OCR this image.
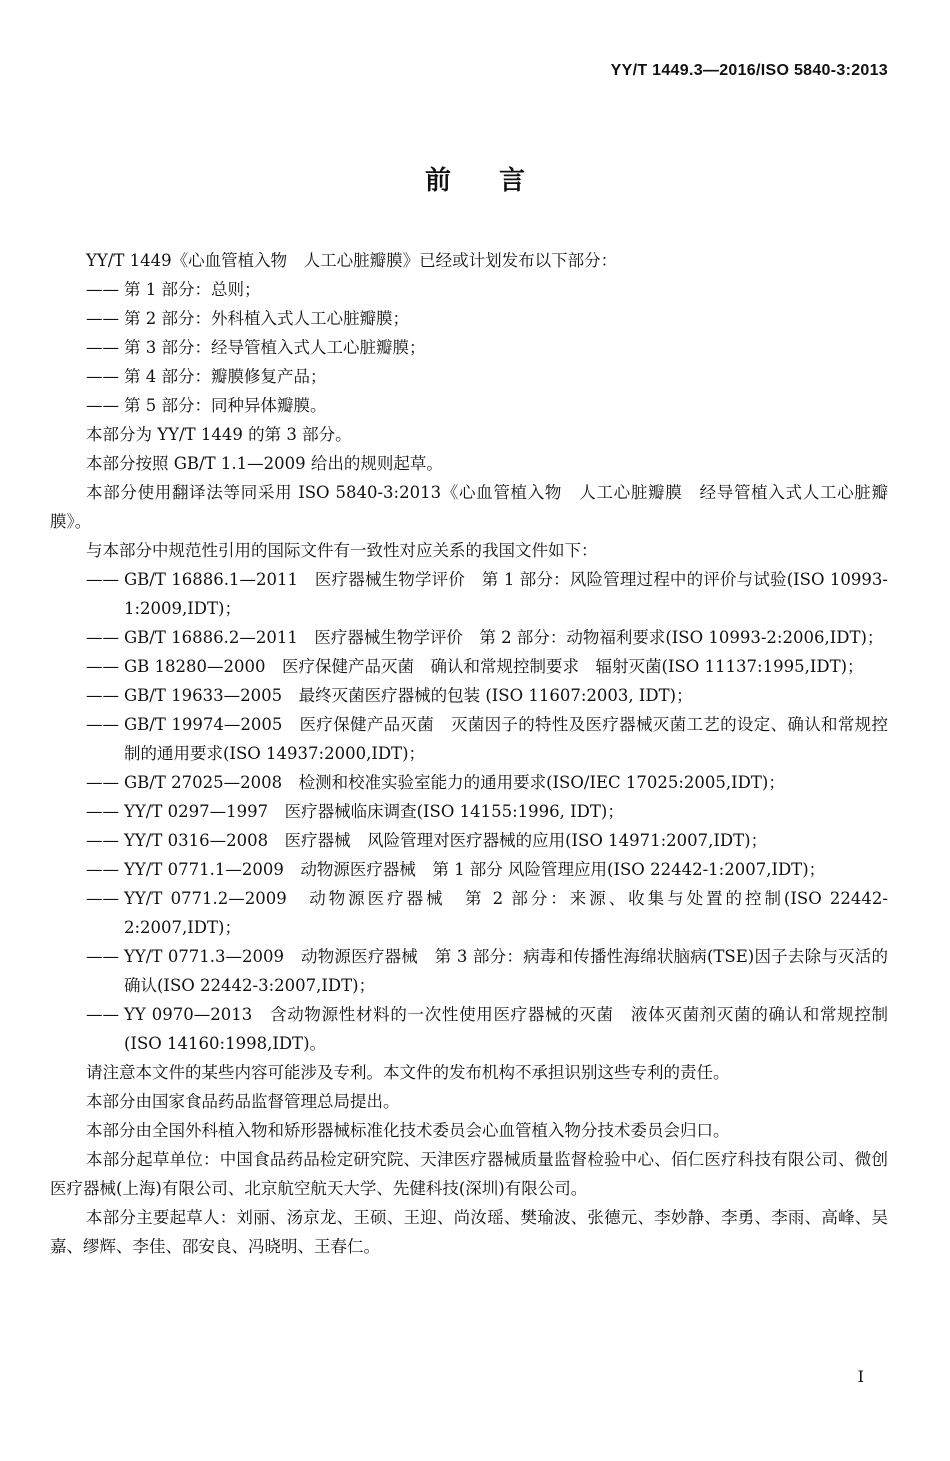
YY/T 1449.3—2016/ISO 5840-3:2013
前言

YY/T 1449《心血管植入物　人工心脏瓣膜》已经或计划发布以下部分：

—— 第 1 部分：总则；

—— 第 2 部分：外科植入式人工心脏瓣膜；

—— 第 3 部分：经导管植入式人工心脏瓣膜；

—— 第 4 部分：瓣膜修复产品；

—— 第 5 部分：同种异体瓣膜。

本部分为 YY/T 1449 的第 3 部分。

本部分按照 GB/T 1.1—2009 给出的规则起草。

本部分使用翻译法等同采用 ISO 5840-3:2013《心血管植入物　人工心脏瓣膜　经导管植入式人工心脏瓣膜》。

与本部分中规范性引用的国际文件有一致性对应关系的我国文件如下：

—— GB/T 16886.1—2011　医疗器械生物学评价　第 1 部分：风险管理过程中的评价与试验(ISO 10993-1:2009,IDT)；

—— GB/T 16886.2—2011　医疗器械生物学评价　第 2 部分：动物福利要求(ISO 10993-2:2006,IDT)；

—— GB 18280—2000　医疗保健产品灭菌　确认和常规控制要求　辐射灭菌(ISO 11137:1995,IDT)；

—— GB/T 19633—2005　最终灭菌医疗器械的包装 (ISO 11607:2003, IDT)；

—— GB/T 19974—2005　医疗保健产品灭菌　灭菌因子的特性及医疗器械灭菌工艺的设定、确认和常规控制的通用要求(ISO 14937:2000,IDT)；

—— GB/T 27025—2008　检测和校准实验室能力的通用要求(ISO/IEC 17025:2005,IDT)；

—— YY/T 0297—1997　医疗器械临床调查(ISO 14155:1996, IDT)；

—— YY/T 0316—2008　医疗器械　风险管理对医疗器械的应用(ISO 14971:2007,IDT)；

—— YY/T 0771.1—2009　动物源医疗器械　第 1 部分 风险管理应用(ISO 22442-1:2007,IDT)；

—— YY/T 0771.2—2009　动物源医疗器械　第 2 部分：来源、收集与处置的控制(ISO 22442-2:2007,IDT)；

—— YY/T 0771.3—2009　动物源医疗器械　第 3 部分：病毒和传播性海绵状脑病(TSE)因子去除与灭活的确认(ISO 22442-3:2007,IDT)；

—— YY 0970—2013　含动物源性材料的一次性使用医疗器械的灭菌　液体灭菌剂灭菌的确认和常规控制(ISO 14160:1998,IDT)。

请注意本文件的某些内容可能涉及专利。本文件的发布机构不承担识别这些专利的责任。

本部分由国家食品药品监督管理总局提出。

本部分由全国外科植入物和矫形器械标准化技术委员会心血管植入物分技术委员会归口。

本部分起草单位：中国食品药品检定研究院、天津医疗器械质量监督检验中心、佰仁医疗科技有限公司、微创医疗器械(上海)有限公司、北京航空航天大学、先健科技(深圳)有限公司。

本部分主要起草人：刘丽、汤京龙、王硕、王迎、尚汝瑶、樊瑜波、张德元、李妙静、李勇、李雨、高峰、吴嘉、缪辉、李佳、邵安良、冯晓明、王春仁。

I
